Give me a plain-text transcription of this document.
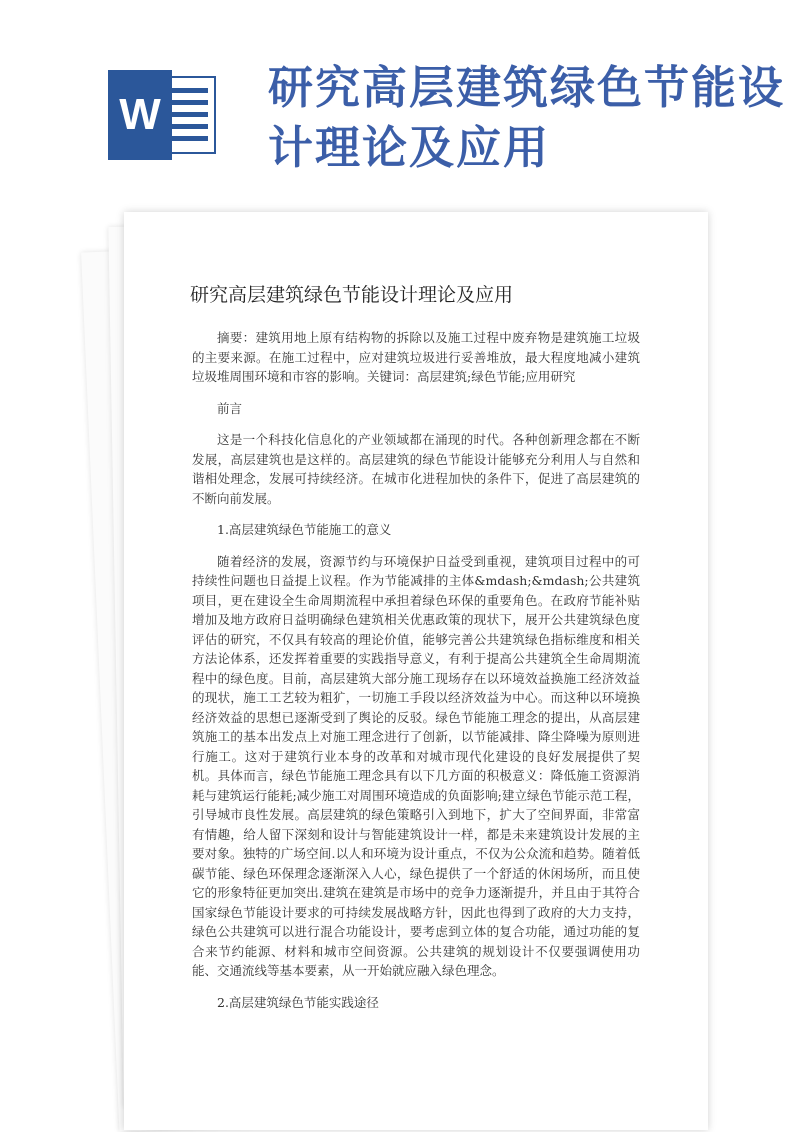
W
研究高层建筑绿色节能设计理论及应用
研究高层建筑绿色节能设计理论及应用

摘要：建筑用地上原有结构物的拆除以及施工过程中废弃物是建筑施工垃圾的主要来源。在施工过程中，应对建筑垃圾进行妥善堆放，最大程度地减小建筑垃圾堆周围环境和市容的影响。关键词：高层建筑;绿色节能;应用研究

前言

这是一个科技化信息化的产业领域都在涌现的时代。各种创新理念都在不断发展，高层建筑也是这样的。高层建筑的绿色节能设计能够充分利用人与自然和谐相处理念，发展可持续经济。在城市化进程加快的条件下，促进了高层建筑的不断向前发展。

1.高层建筑绿色节能施工的意义

随着经济的发展，资源节约与环境保护日益受到重视，建筑项目过程中的可持续性问题也日益提上议程。作为节能减排的主体&mdash;&mdash;公共建筑项目，更在建设全生命周期流程中承担着绿色环保的重要角色。在政府节能补贴增加及地方政府日益明确绿色建筑相关优惠政策的现状下，展开公共建筑绿色度评估的研究，不仅具有较高的理论价值，能够完善公共建筑绿色指标维度和相关方法论体系，还发挥着重要的实践指导意义，有利于提高公共建筑全生命周期流程中的绿色度。目前，高层建筑大部分施工现场存在以环境效益换施工经济效益的现状，施工工艺较为粗犷，一切施工手段以经济效益为中心。而这种以环境换经济效益的思想已逐渐受到了舆论的反驳。绿色节能施工理念的提出，从高层建筑施工的基本出发点上对施工理念进行了创新，以节能减排、降尘降噪为原则进行施工。这对于建筑行业本身的改革和对城市现代化建设的良好发展提供了契机。具体而言，绿色节能施工理念具有以下几方面的积极意义：降低施工资源消耗与建筑运行能耗;减少施工对周围环境造成的负面影响;建立绿色节能示范工程，引导城市良性发展。高层建筑的绿色策略引入到地下，扩大了空间界面，非常富有情趣，给人留下深刻和设计与智能建筑设计一样，都是未来建筑设计发展的主要对象。独特的广场空间.以人和环境为设计重点，不仅为公众流和趋势。随着低碳节能、绿色环保理念逐渐深入人心，绿色提供了一个舒适的休闲场所，而且使它的形象特征更加突出.建筑在建筑是市场中的竞争力逐渐提升，并且由于其符合国家绿色节能设计要求的可持续发展战略方针，因此也得到了政府的大力支持，绿色公共建筑可以进行混合功能设计，要考虑到立体的复合功能，通过功能的复合来节约能源、材料和城市空间资源。公共建筑的规划设计不仅要强调使用功能、交通流线等基本要素，从一开始就应融入绿色理念。

2.高层建筑绿色节能实践途径
